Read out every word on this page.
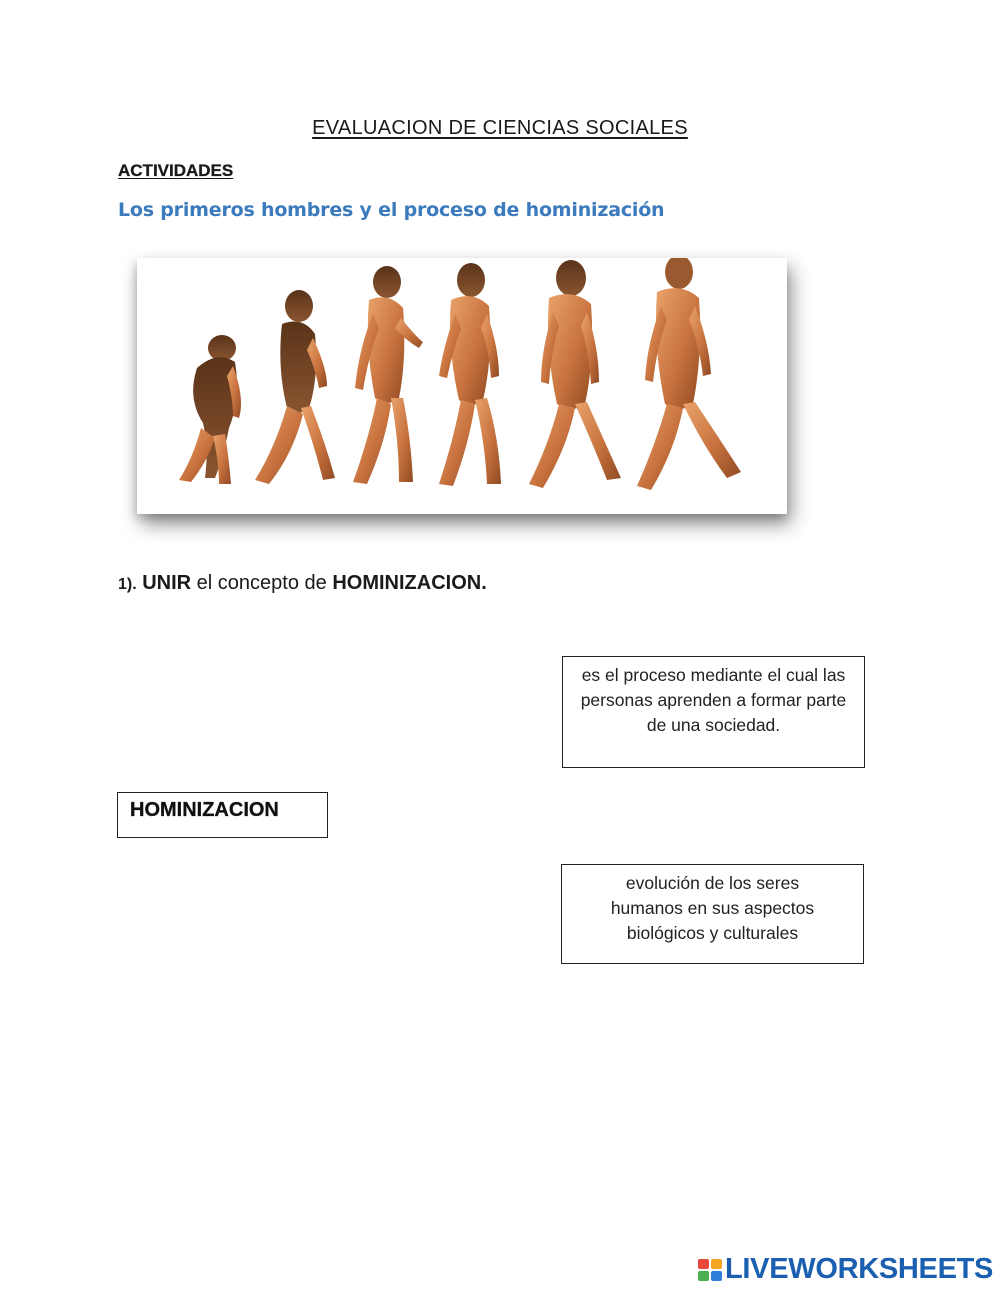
EVALUACION DE CIENCIAS SOCIALES
ACTIVIDADES
Los primeros hombres y el proceso de hominización
1). UNIR el concepto de HOMINIZACION.
es el proceso mediante el cual las personas aprenden a formar parte de una sociedad.
HOMINIZACION
evolución de los seres humanos en sus aspectos biológicos y culturales
LIVEWORKSHEETS
